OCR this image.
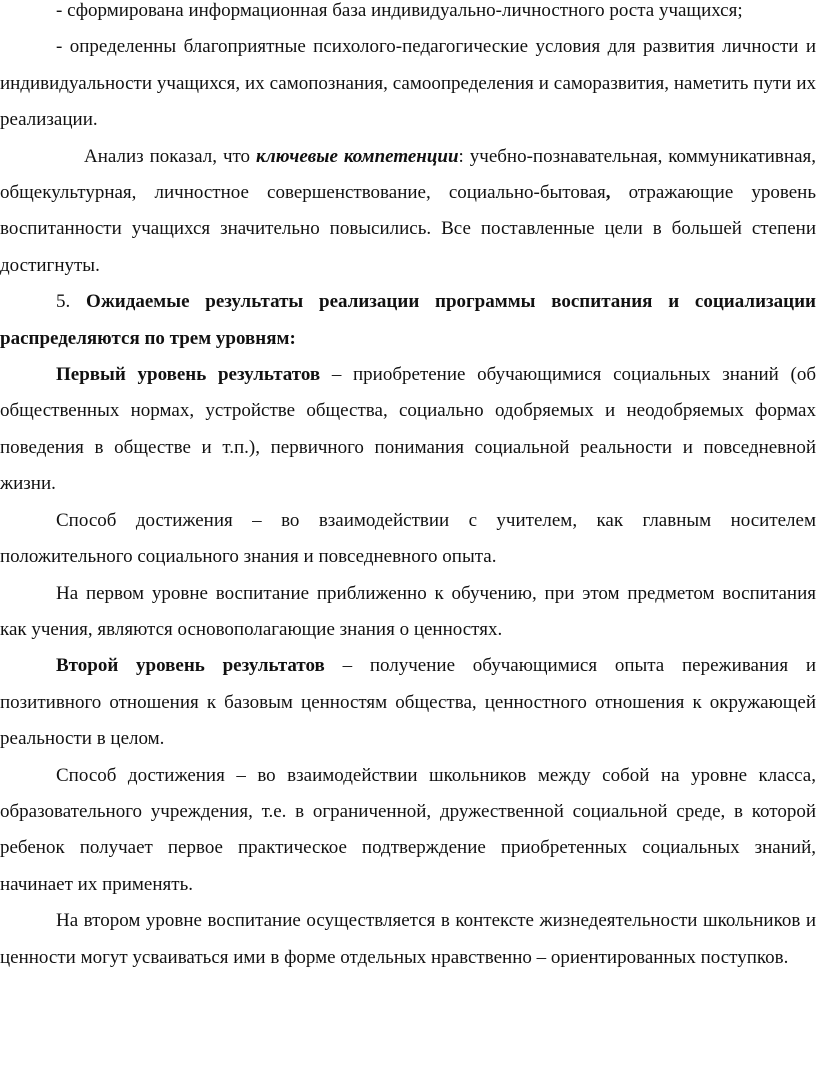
- сформирована информационная база индивидуально-личностного роста учащихся;

- определенны благоприятные психолого-педагогические условия для развития личности и индивидуальности учащихся, их самопознания, самоопределения и саморазвития, наметить пути их реализации.

Анализ показал, что ключевые компетенции: учебно-познавательная, коммуникативная, общекультурная, личностное совершенствование, социально-бытовая, отражающие уровень воспитанности учащихся значительно повысились. Все поставленные цели в большей степени достигнуты.

5. Ожидаемые результаты реализации программы воспитания и социализации распределяются по трем уровням:

Первый уровень результатов – приобретение обучающимися социальных знаний (об общественных нормах, устройстве общества, социально одобряемых и неодобряемых формах поведения в обществе и т.п.), первичного понимания социальной реальности и повседневной жизни.

Способ достижения – во взаимодействии с учителем, как главным носителем положительного социального знания и повседневного опыта.

На первом уровне воспитание приближенно к обучению, при этом предметом воспитания как учения, являются основополагающие знания о ценностях.

Второй уровень результатов – получение обучающимися опыта переживания и позитивного отношения к базовым ценностям общества, ценностного отношения к окружающей реальности в целом.

Способ достижения – во взаимодействии школьников между собой на уровне класса, образовательного учреждения, т.е. в ограниченной, дружественной социальной среде, в которой ребенок получает первое практическое подтверждение приобретенных социальных знаний, начинает их применять.

На втором уровне воспитание осуществляется в контексте жизнедеятельности школьников и ценности могут усваиваться ими в форме отдельных нравственно – ориентированных поступков.
